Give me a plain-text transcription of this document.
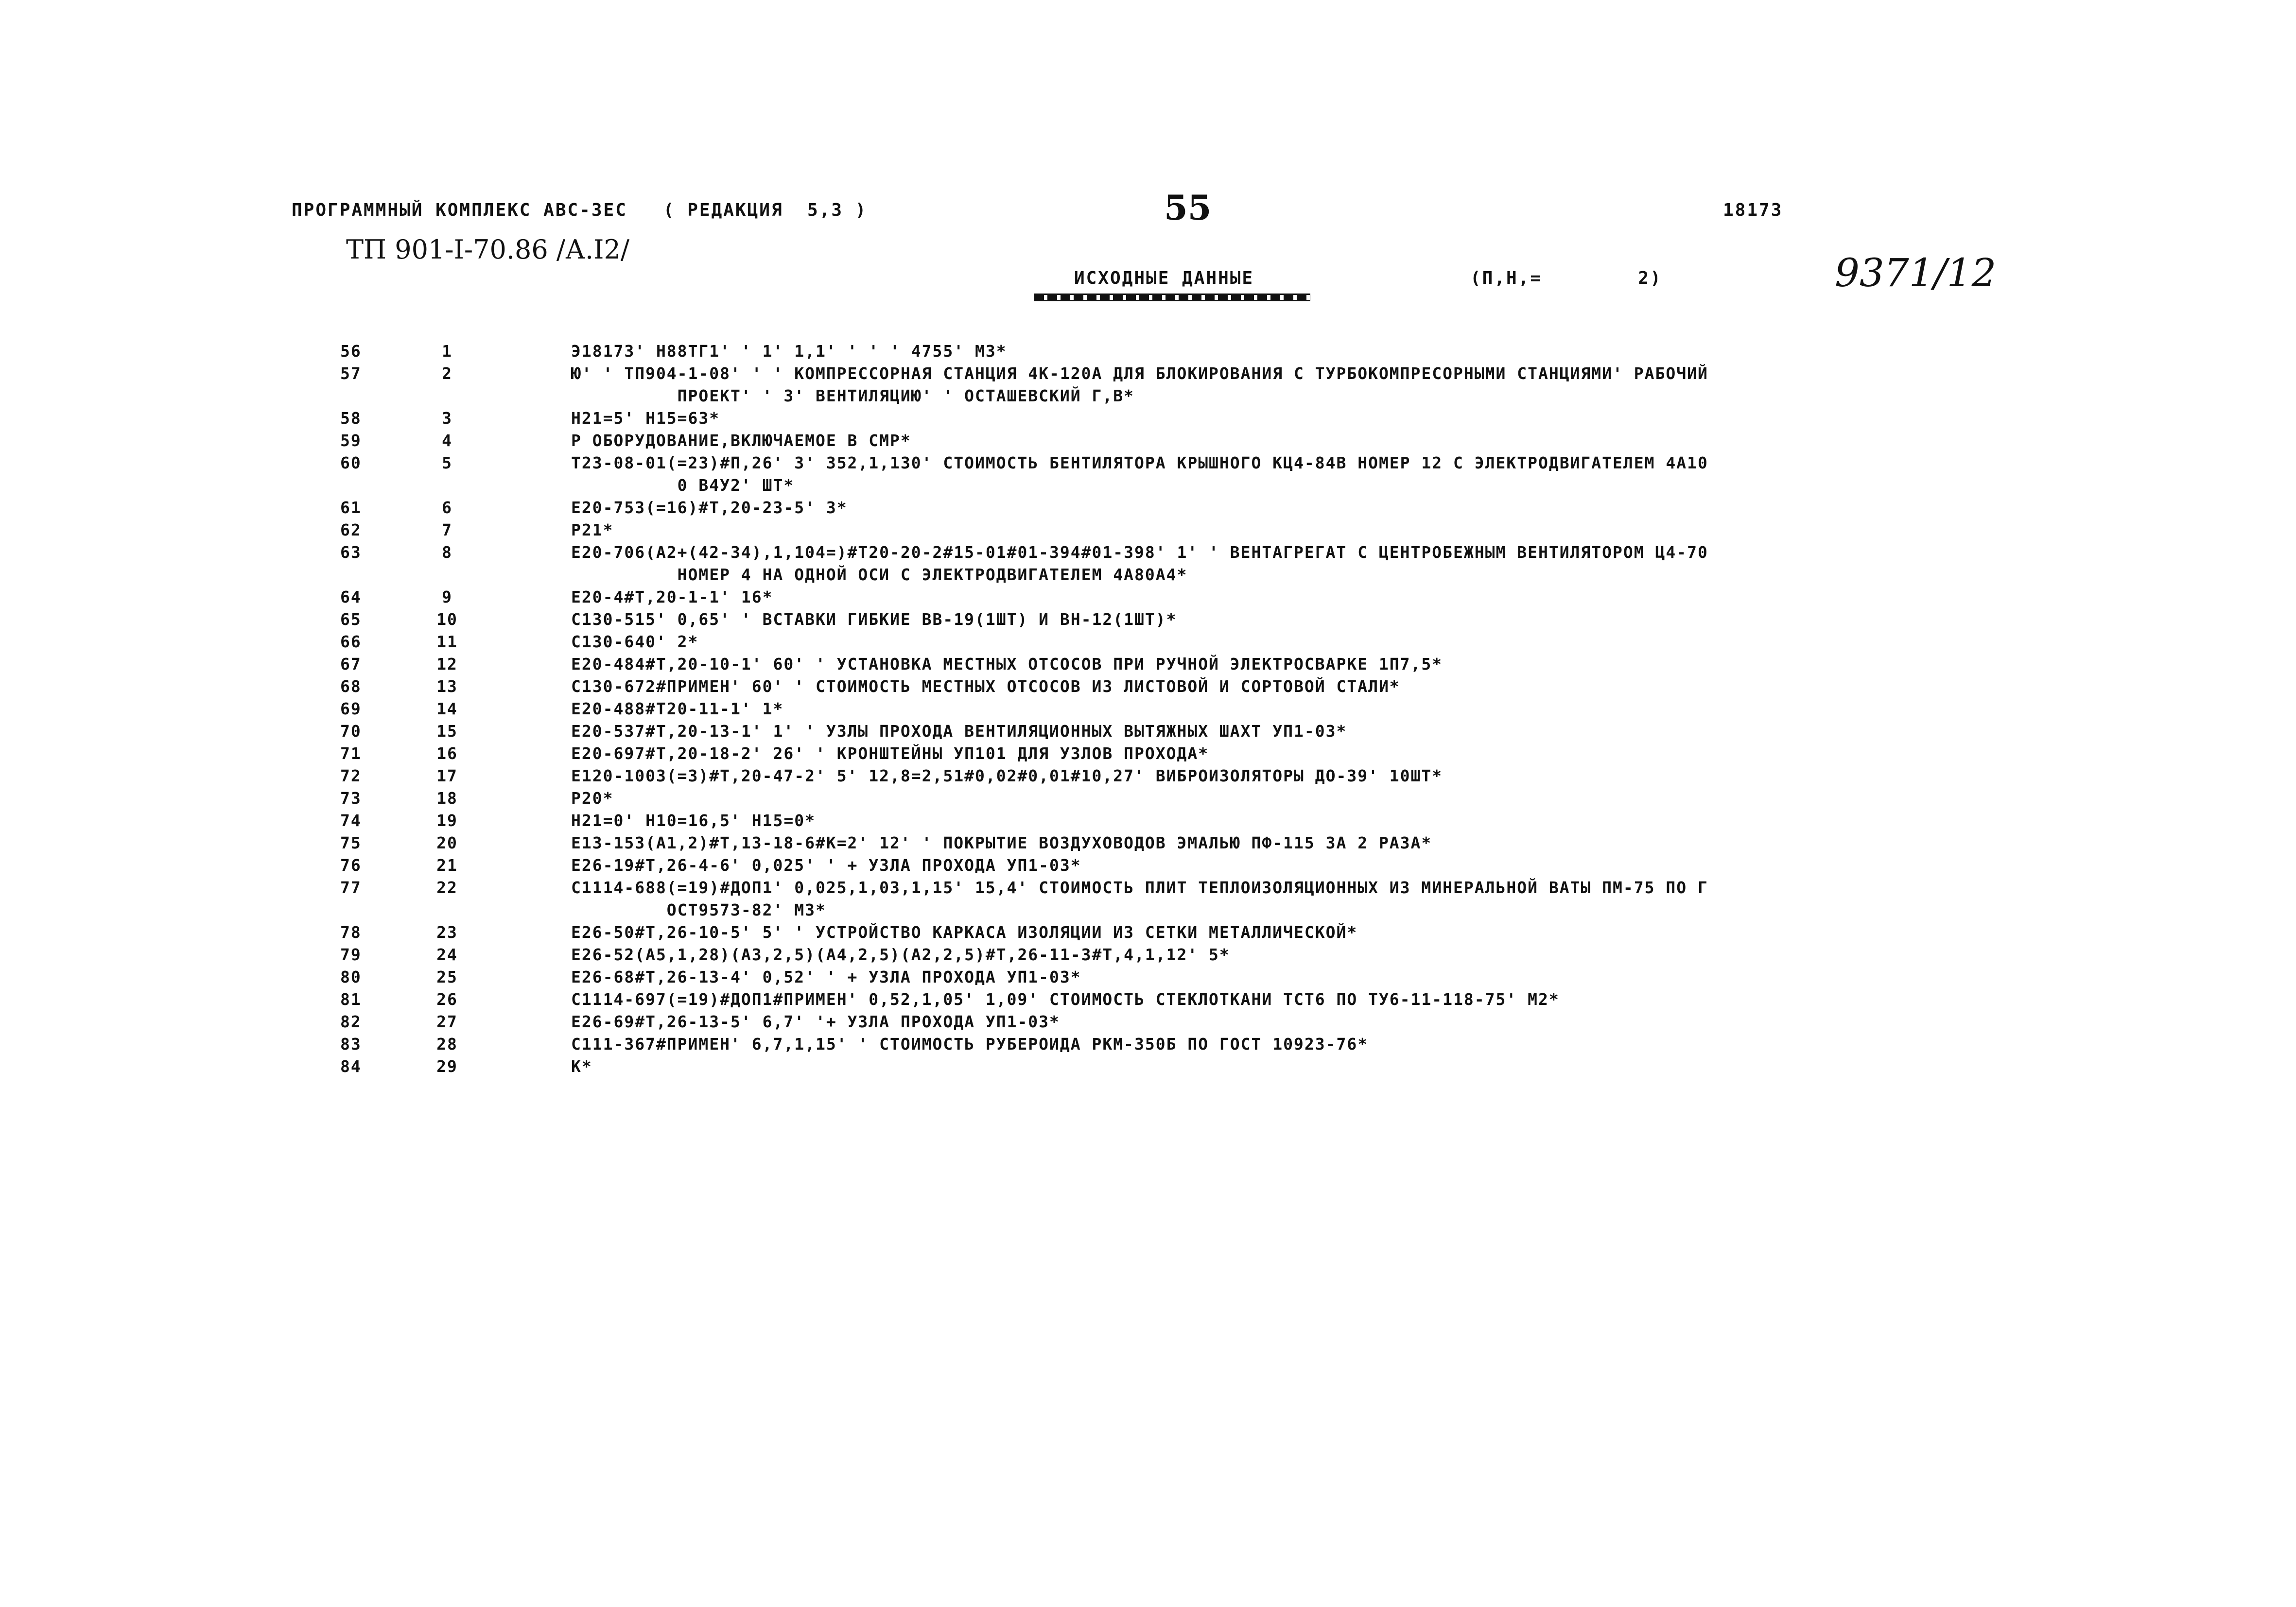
ПРОГРАММНЫЙ КОМПЛЕКС АВС-ЗЕС   ( РЕДАКЦИЯ  5,3 )	55	18173
ТП 901-I-70.86 /А.I2/
ИСХОДНЫЕ ДАННЫЕ	(П,Н,=        2)	9371/12
56	1	Э18173' Н88ТГ1' ' 1' 1,1' ' ' ' 4755' М3*
57	2	Ю' ' ТП904-1-08' ' ' КОМПРЕССОРНАЯ СТАНЦИЯ 4К-120А ДЛЯ БЛОКИРОВАНИЯ С ТУРБОКОМПРЕСОРНЫМИ СТАНЦИЯМИ' РАБОЧИЙ
ПРОЕКТ' ' 3' ВЕНТИЛЯЦИЮ' ' ОСТАШЕВСКИЙ Г,В*
58	3	Н21=5' Н15=63*
59	4	Р ОБОРУДОВАНИЕ,ВКЛЮЧАЕМОЕ В СМР*
60	5	Т23-08-01(=23)#П,26' 3' 352,1,130' СТОИМОСТЬ БЕНТИЛЯТОРА КРЫШНОГО КЦ4-84В НОМЕР 12 С ЭЛЕКТРОДВИГАТЕЛЕМ 4А10
0 В4У2' ШТ*
61	6	Е20-753(=16)#Т,20-23-5' 3*
62	7	Р21*
63	8	Е20-706(А2+(42-34),1,104=)#Т20-20-2#15-01#01-394#01-398' 1' ' ВЕНТАГРЕГАТ С ЦЕНТРОБЕЖНЫМ ВЕНТИЛЯТОРОМ Ц4-70
НОМЕР 4 НА ОДНОЙ ОСИ С ЭЛЕКТРОДВИГАТЕЛЕМ 4А80А4*
64	9	Е20-4#Т,20-1-1' 16*
65	10	С130-515' 0,65' ' ВСТАВКИ ГИБКИЕ ВВ-19(1ШТ) И ВН-12(1ШТ)*
66	11	С130-640' 2*
67	12	Е20-484#Т,20-10-1' 60' ' УСТАНОВКА МЕСТНЫХ ОТСОСОВ ПРИ РУЧНОЙ ЭЛЕКТРОСВАРКЕ 1П7,5*
68	13	С130-672#ПРИМЕН' 60' ' СТОИМОСТЬ МЕСТНЫХ ОТСОСОВ ИЗ ЛИСТОВОЙ И СОРТОВОЙ СТАЛИ*
69	14	Е20-488#Т20-11-1' 1*
70	15	Е20-537#Т,20-13-1' 1' ' УЗЛЫ ПРОХОДА ВЕНТИЛЯЦИОННЫХ ВЫТЯЖНЫХ ШАХТ УП1-03*
71	16	Е20-697#Т,20-18-2' 26' ' КРОНШТЕЙНЫ УП101 ДЛЯ УЗЛОВ ПРОХОДА*
72	17	Е120-1003(=3)#Т,20-47-2' 5' 12,8=2,51#0,02#0,01#10,27' ВИБРОИЗОЛЯТОРЫ ДО-39' 10ШТ*
73	18	Р20*
74	19	Н21=0' Н10=16,5' Н15=0*
75	20	Е13-153(А1,2)#Т,13-18-6#К=2' 12' ' ПОКРЫТИЕ ВОЗДУХОВОДОВ ЭМАЛЬЮ ПФ-115 ЗА 2 РАЗА*
76	21	Е26-19#Т,26-4-6' 0,025' ' + УЗЛА ПРОХОДА УП1-03*
77	22	С1114-688(=19)#ДОП1' 0,025,1,03,1,15' 15,4' СТОИМОСТЬ ПЛИТ ТЕПЛОИЗОЛЯЦИОННЫХ ИЗ МИНЕРАЛЬНОЙ ВАТЫ ПМ-75 ПО Г
ОСТ9573-82' М3*
78	23	Е26-50#Т,26-10-5' 5' ' УСТРОЙСТВО КАРКАСА ИЗОЛЯЦИИ ИЗ СЕТКИ МЕТАЛЛИЧЕСКОЙ*
79	24	Е26-52(А5,1,28)(А3,2,5)(А4,2,5)(А2,2,5)#Т,26-11-3#Т,4,1,12' 5*
80	25	Е26-68#Т,26-13-4' 0,52' ' + УЗЛА ПРОХОДА УП1-03*
81	26	С1114-697(=19)#ДОП1#ПРИМЕН' 0,52,1,05' 1,09' СТОИМОСТЬ СТЕКЛОТКАНИ ТСТ6 ПО ТУ6-11-118-75' М2*
82	27	Е26-69#Т,26-13-5' 6,7' '+ УЗЛА ПРОХОДА УП1-03*
83	28	С111-367#ПРИМЕН' 6,7,1,15' ' СТОИМОСТЬ РУБЕРОИДА РКМ-350Б ПО ГОСТ 10923-76*
84	29	К*
